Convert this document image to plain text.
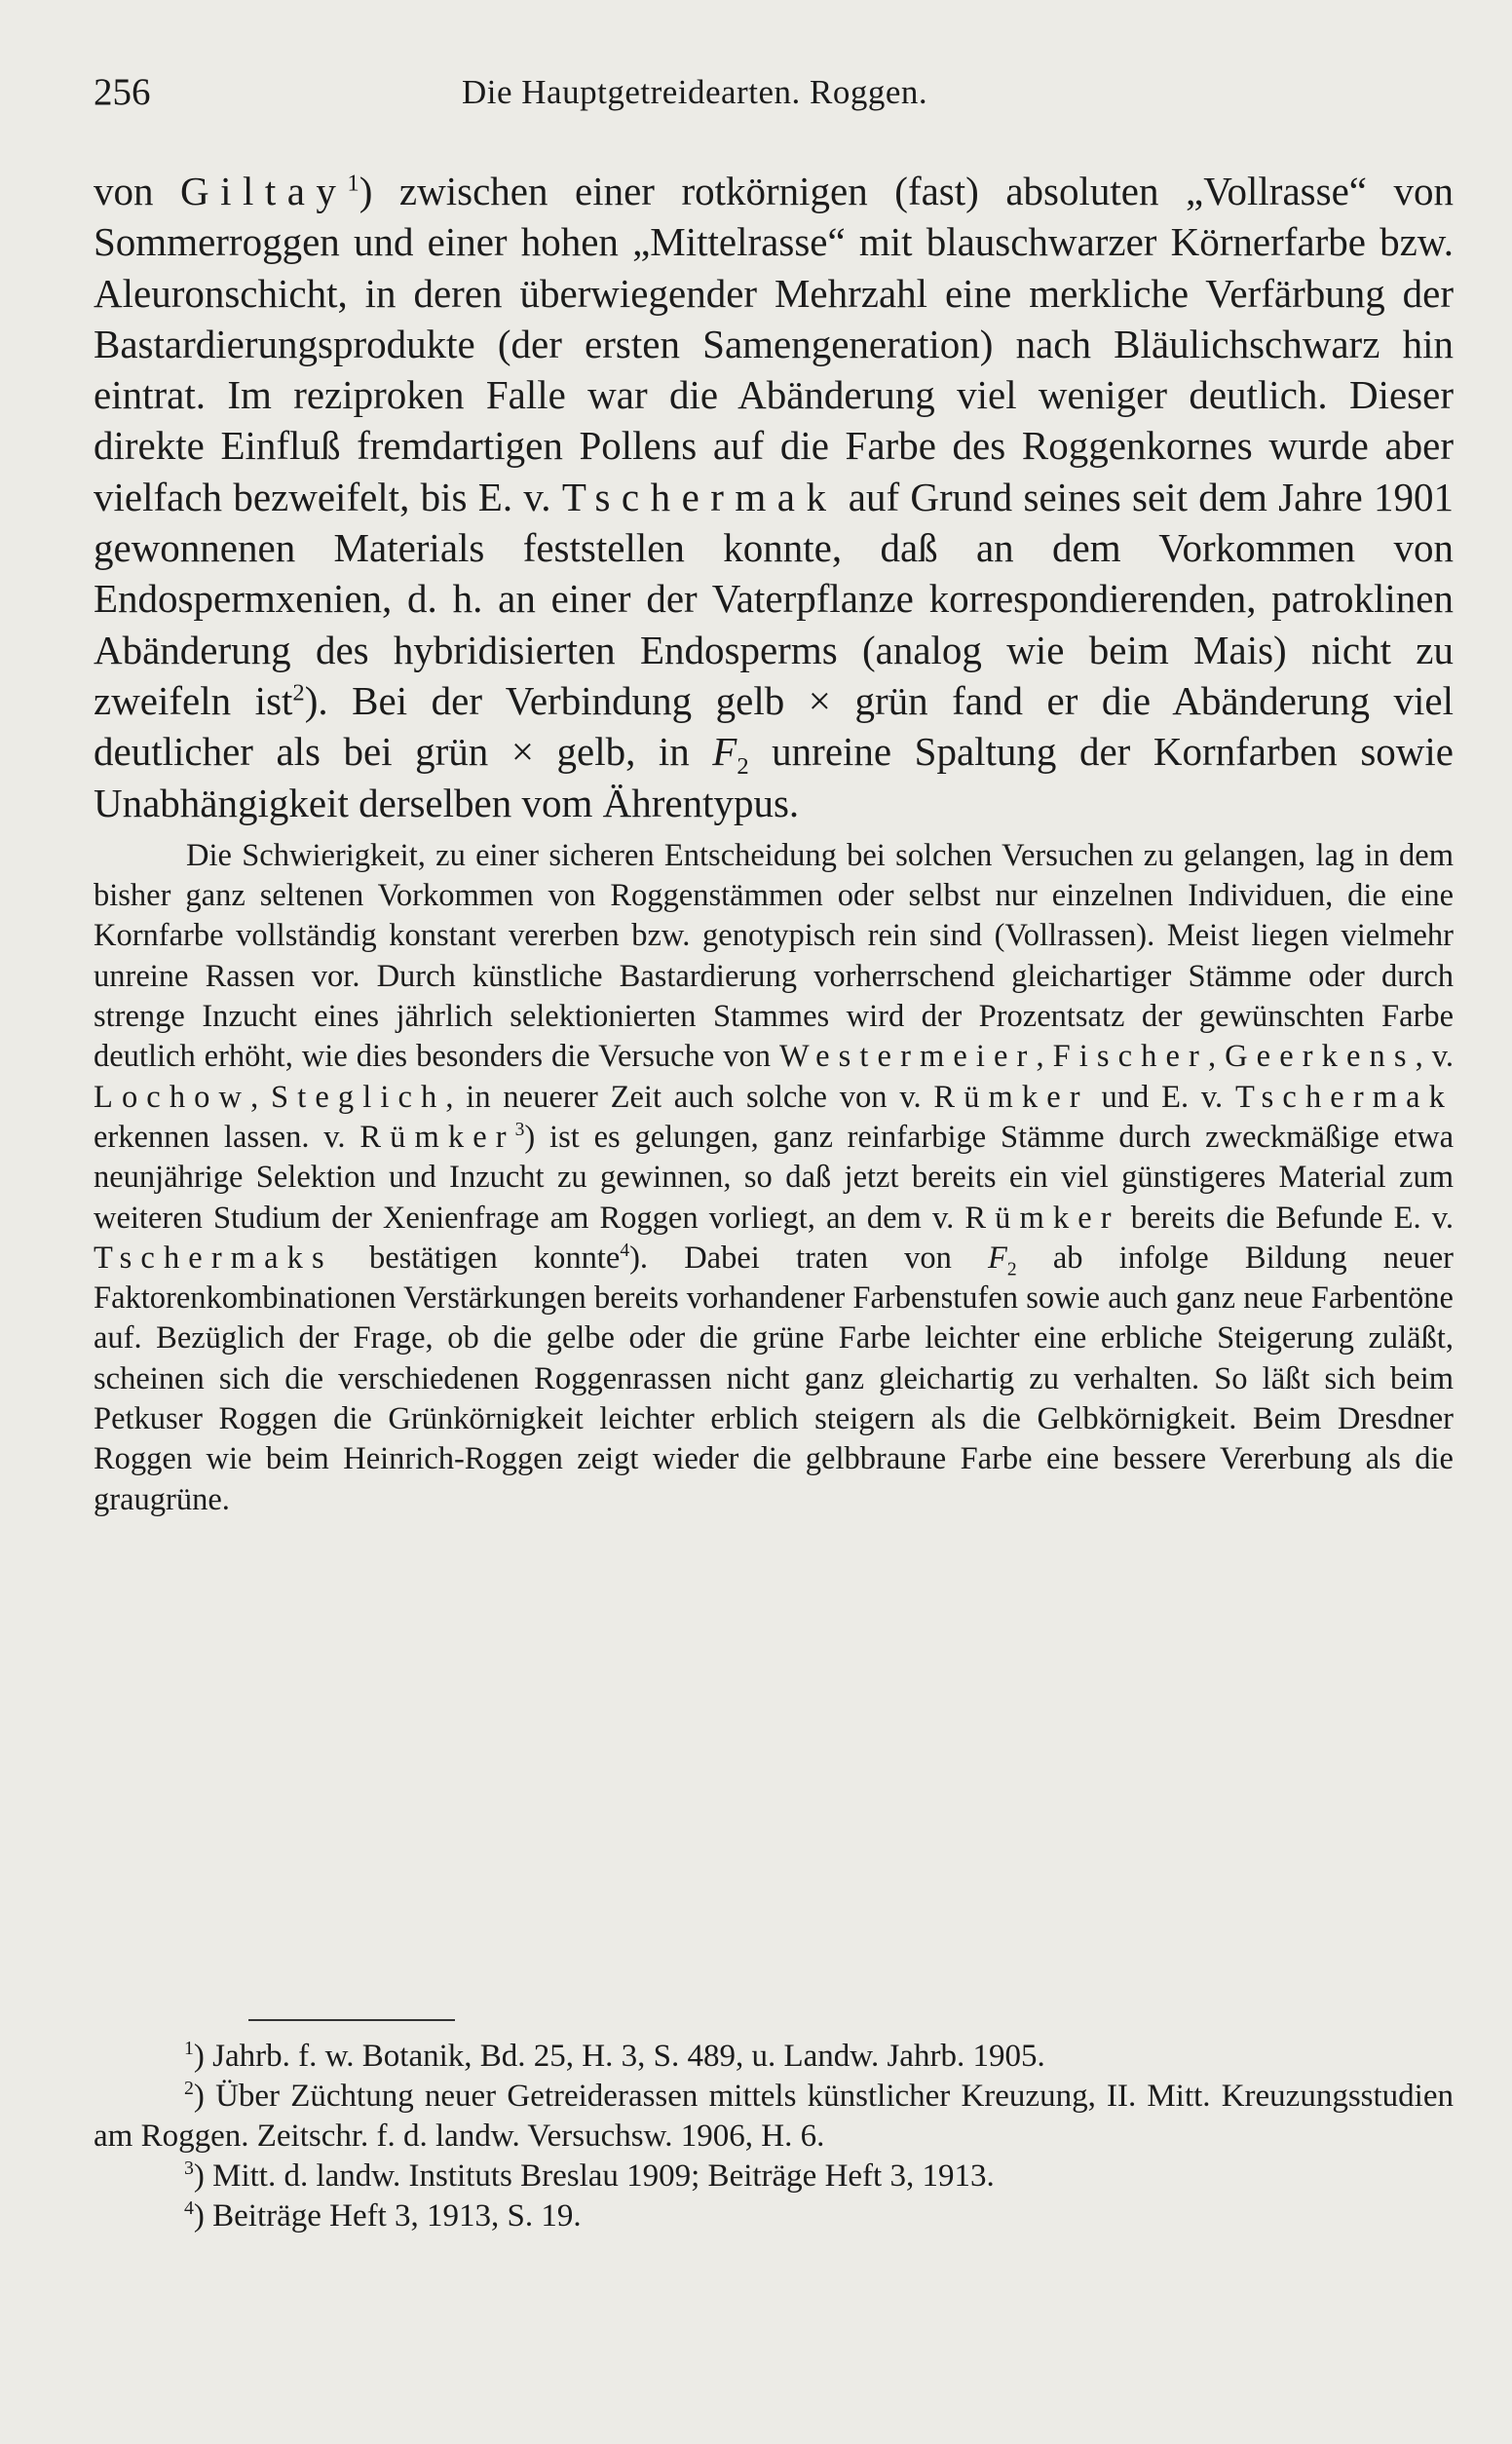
256	Die Hauptgetreidearten. Roggen.

von Giltay$^1$) zwischen einer rotkörnigen (fast) absoluten „Vollrasse“ von Sommerroggen und einer hohen „Mittelrasse“ mit blauschwarzer Körnerfarbe bzw. Aleuronschicht, in deren überwiegender Mehrzahl eine merkliche Verfärbung der Bastardierungsprodukte (der ersten Samengeneration) nach Bläulichschwarz hin eintrat. Im reziproken Falle war die Abänderung viel weniger deutlich. Dieser direkte Einfluß fremdartigen Pollens auf die Farbe des Roggenkornes wurde aber vielfach bezweifelt, bis E. v. Tschermak auf Grund seines seit dem Jahre 1901 gewonnenen Materials feststellen konnte, daß an dem Vorkommen von Endospermxenien, d. h. an einer der Vaterpflanze korrespondierenden, patroklinen Abänderung des hybridisierten Endosperms (analog wie beim Mais) nicht zu zweifeln ist$^2$). Bei der Verbindung gelb × grün fand er die Abänderung viel deutlicher als bei grün × gelb, in $F_2$ unreine Spaltung der Kornfarben sowie Unabhängigkeit derselben vom Ährentypus.

Die Schwierigkeit, zu einer sicheren Entscheidung bei solchen Versuchen zu gelangen, lag in dem bisher ganz seltenen Vorkommen von Roggenstämmen oder selbst nur einzelnen Individuen, die eine Kornfarbe vollständig konstant vererben bzw. genotypisch rein sind (Vollrassen). Meist liegen vielmehr unreine Rassen vor. Durch künstliche Bastardierung vorherrschend gleichartiger Stämme oder durch strenge Inzucht eines jährlich selektionierten Stammes wird der Prozentsatz der gewünschten Farbe deutlich erhöht, wie dies besonders die Versuche von Westermeier, Fischer, Geerkens, v. Lochow, Steglich, in neuerer Zeit auch solche von v. Rümker und E. v. Tschermak erkennen lassen. v. Rümker$^3$) ist es gelungen, ganz reinfarbige Stämme durch zweckmäßige etwa neunjährige Selektion und Inzucht zu gewinnen, so daß jetzt bereits ein viel günstigeres Material zum weiteren Studium der Xenienfrage am Roggen vorliegt, an dem v. Rümker bereits die Befunde E. v. Tschermaks bestätigen konnte$^4$). Dabei traten von $F_2$ ab infolge Bildung neuer Faktorenkombinationen Verstärkungen bereits vorhandener Farbenstufen sowie auch ganz neue Farbentöne auf. Bezüglich der Frage, ob die gelbe oder die grüne Farbe leichter eine erbliche Steigerung zuläßt, scheinen sich die verschiedenen Roggenrassen nicht ganz gleichartig zu verhalten. So läßt sich beim Petkuser Roggen die Grünkörnigkeit leichter erblich steigern als die Gelbkörnigkeit. Beim Dresdner Roggen wie beim Heinrich-Roggen zeigt wieder die gelbbraune Farbe eine bessere Vererbung als die graugrüne.

$^1$) Jahrb. f. w. Botanik, Bd. 25, H. 3, S. 489, u. Landw. Jahrb. 1905.

$^2$) Über Züchtung neuer Getreiderassen mittels künstlicher Kreuzung, II. Mitt. Kreuzungsstudien am Roggen. Zeitschr. f. d. landw. Versuchsw. 1906, H. 6.

$^3$) Mitt. d. landw. Instituts Breslau 1909; Beiträge Heft 3, 1913.

$^4$) Beiträge Heft 3, 1913, S. 19.
